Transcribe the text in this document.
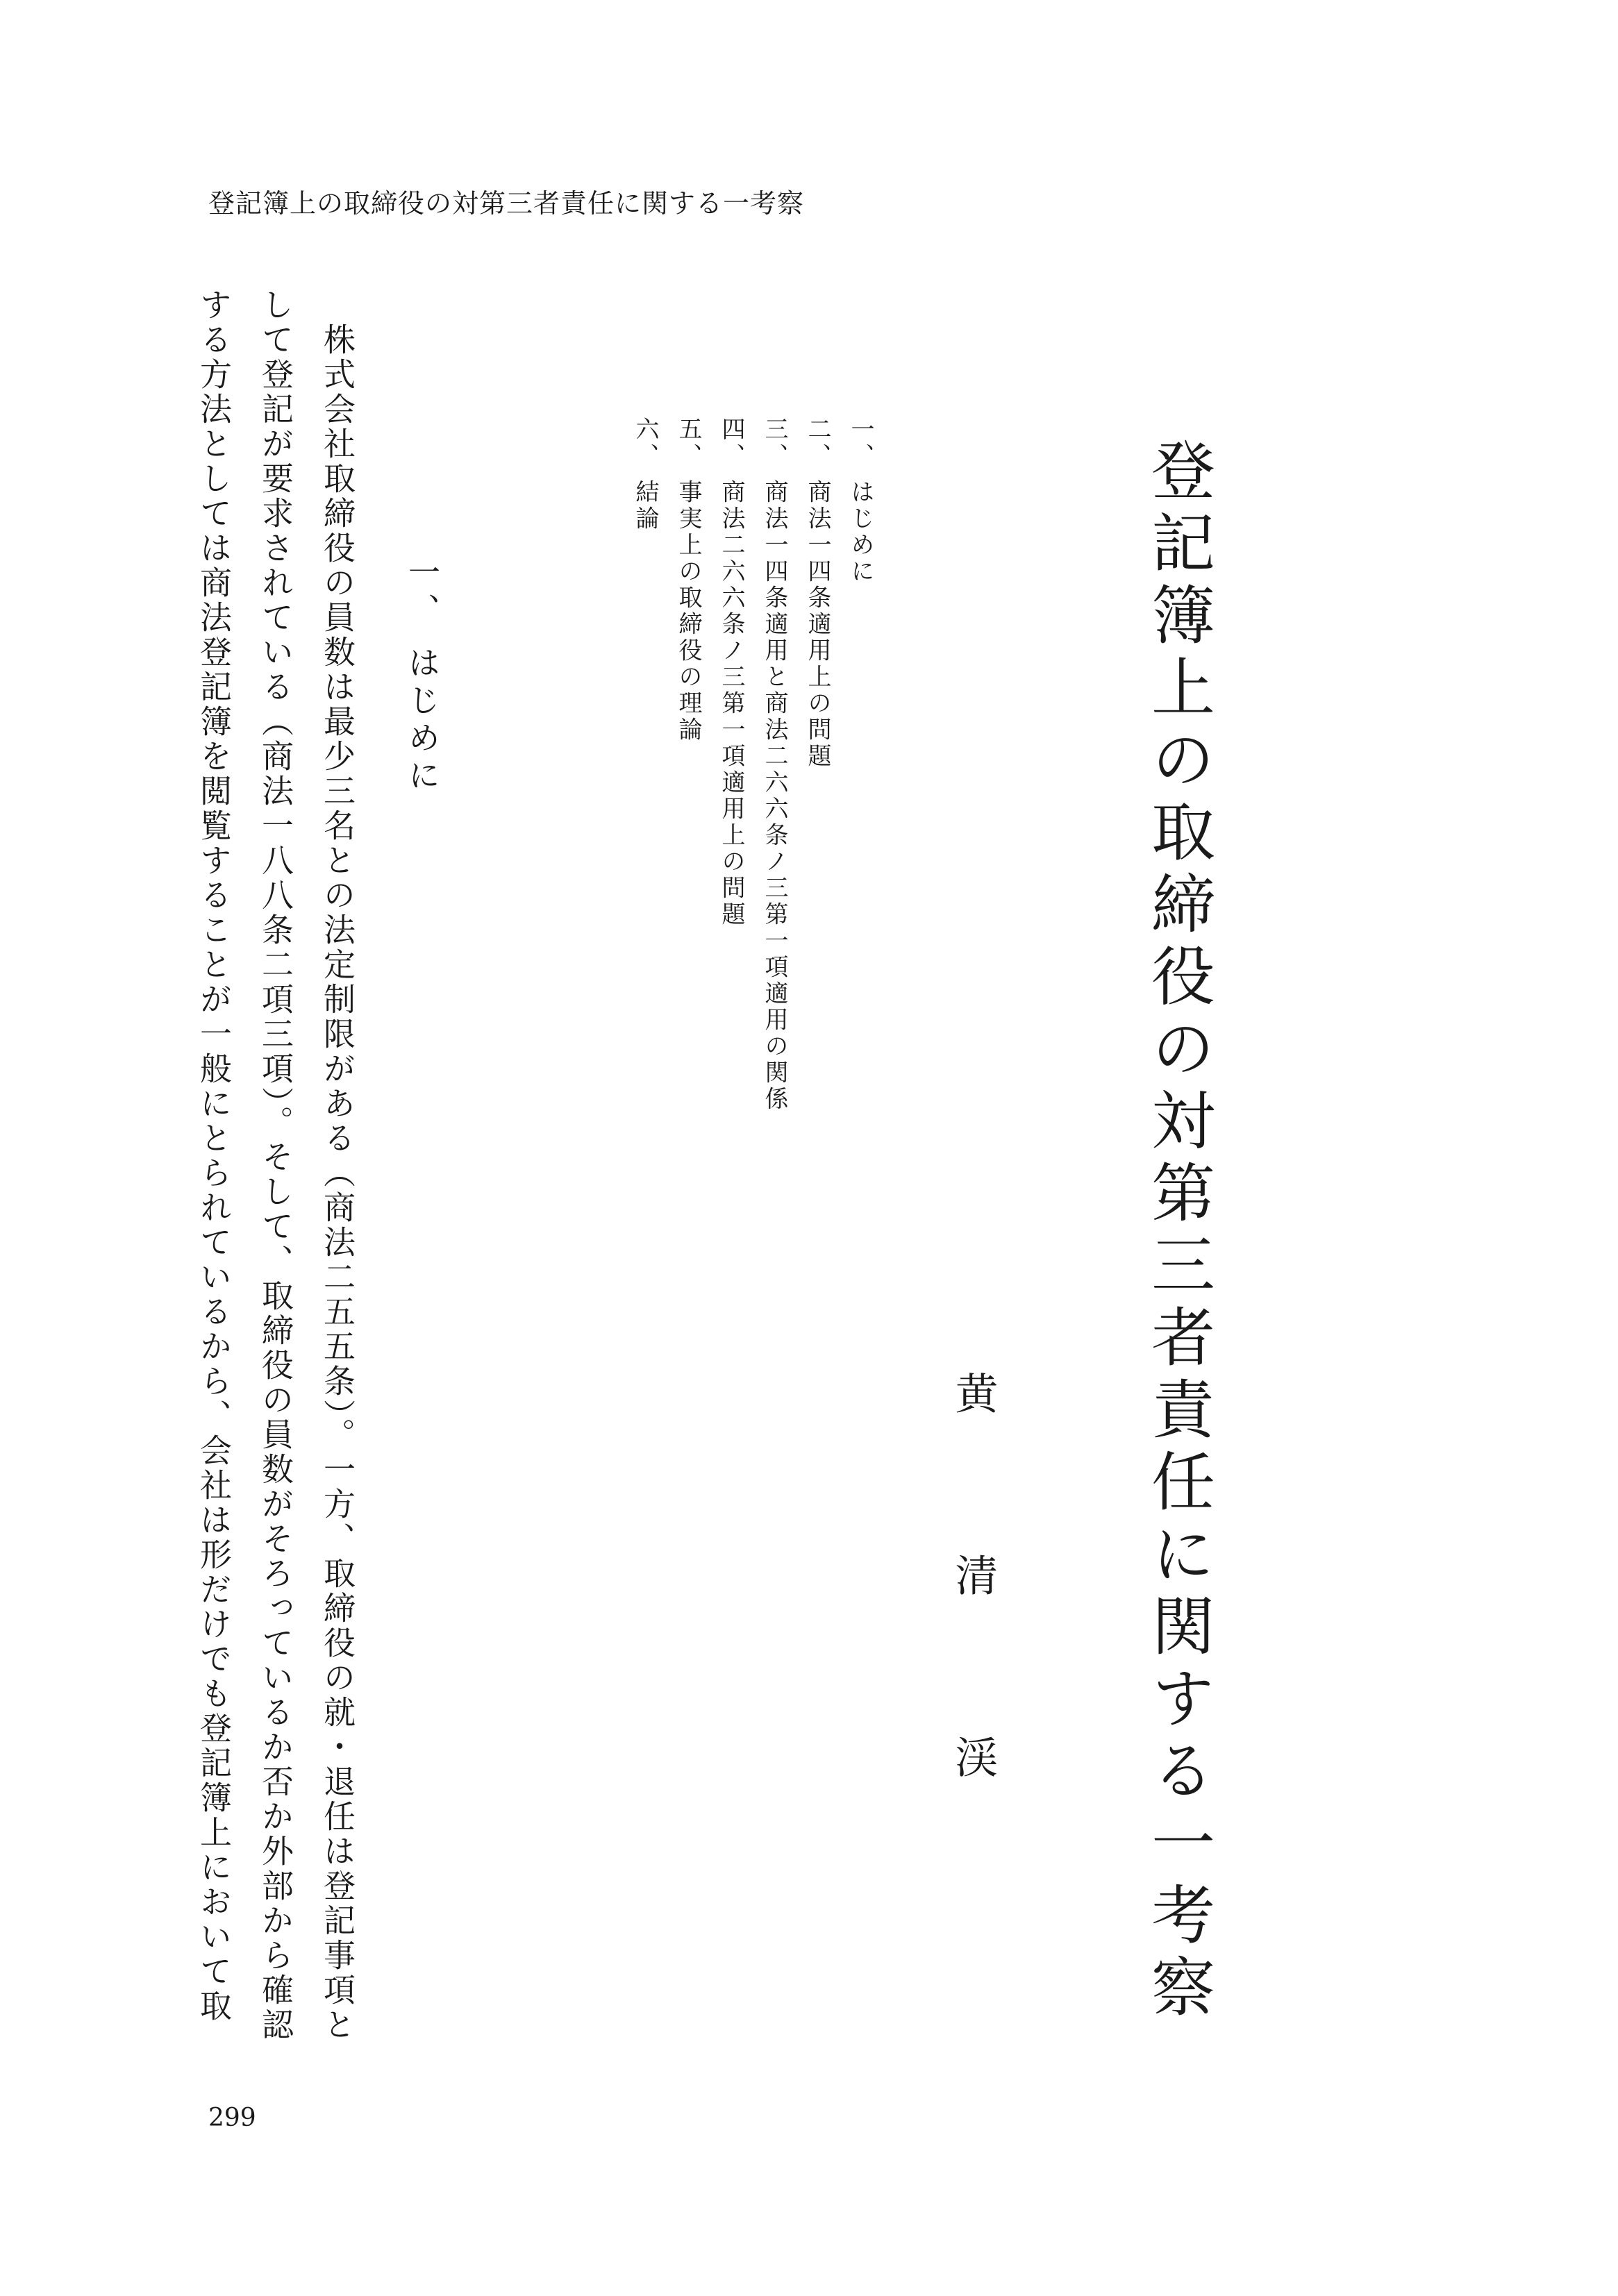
登記簿上の取締役の対第三者責任に関する一考察
登記簿上の取締役の対第三者責任に関する一考察
黄清渓
一、 はじめに
二、 商法一四条適用上の問題
三、 商法一四条適用と商法二六六条ノ三第一項適用の関係
四、 商法二六六条ノ三第一項適用上の問題
五、 事実上の取締役の理論
六、 結論
一、 はじめに
　株式会社取締役の員数は最少三名との法定制限がある（商法二五五条）。一方、取締役の就・退任は登記事項と
して登記が要求されている（商法一八八条二項三項）。そして、取締役の員数がそろっているか否か外部から確認
する方法としては商法登記簿を閲覧することが一般にとられているから、会社は形だけでも登記簿上において取
299
